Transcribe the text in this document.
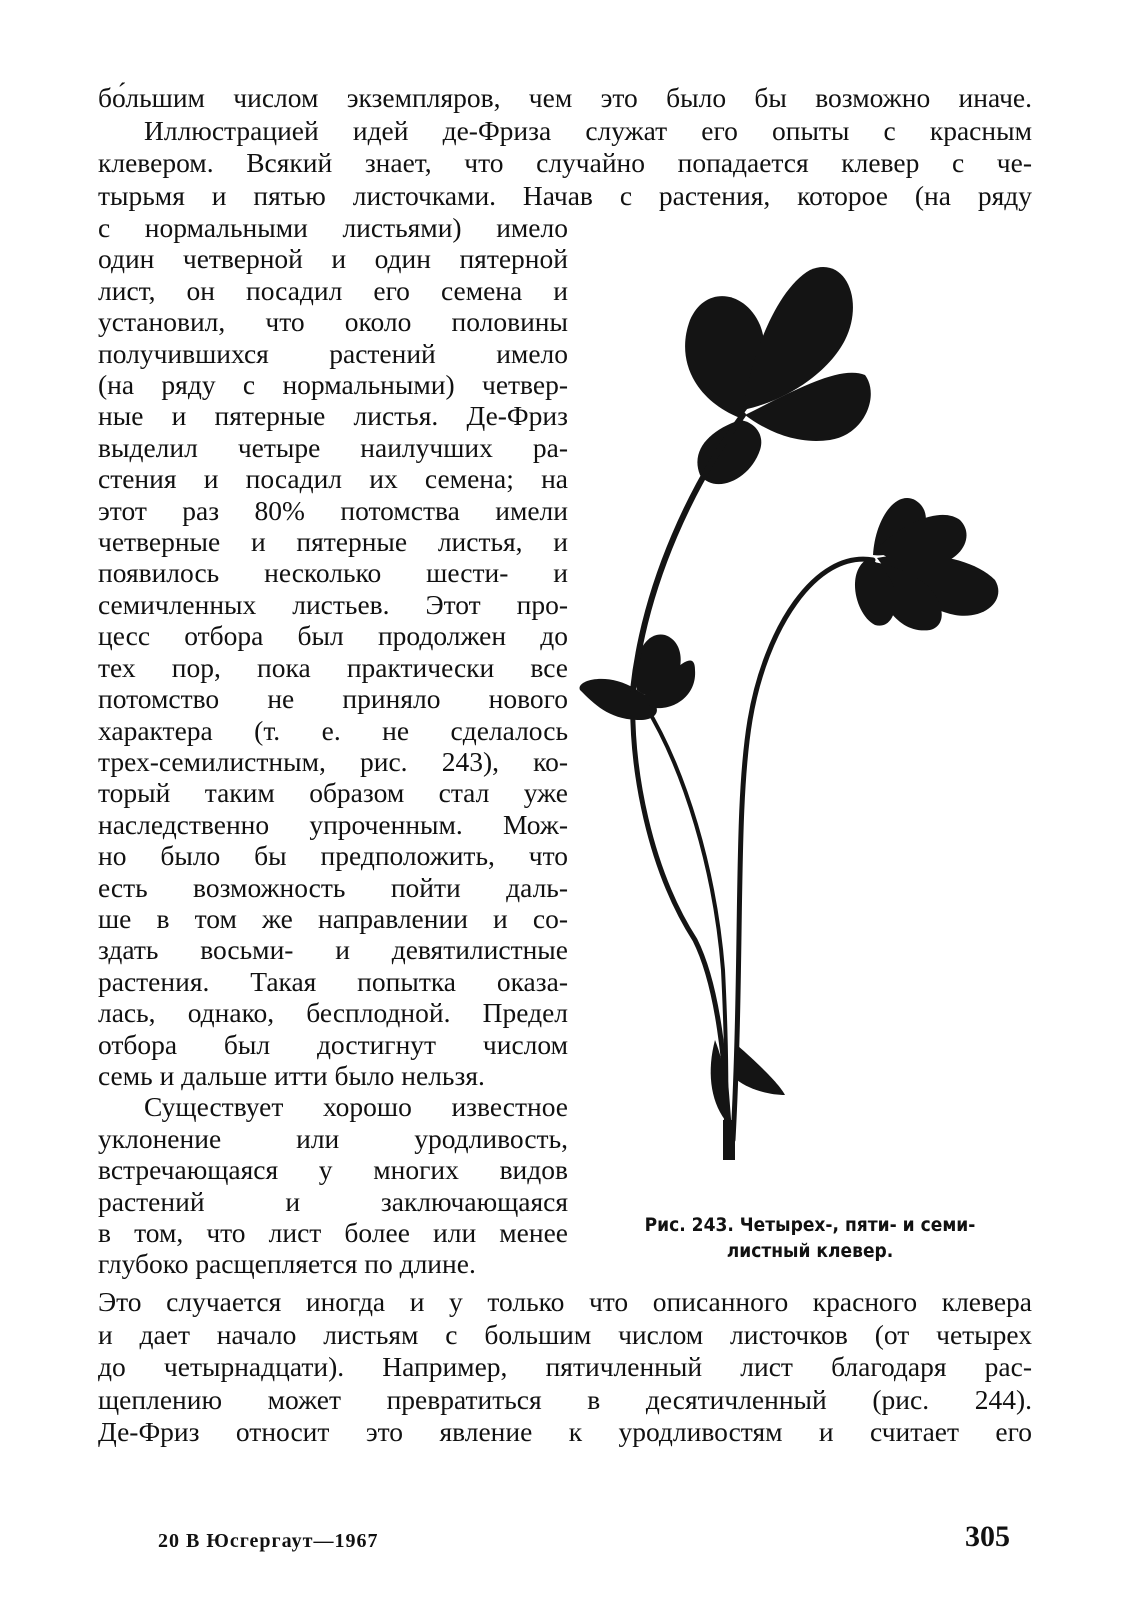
бо́льшим числом экземпляров, чем это было бы возможно иначе.
Иллюстрацией идей де-Фриза служат его опыты с красным
клевером. Всякий знает, что случайно попадается клевер с че-
тырьмя и пятью листочками. Начав с растения, которое (на ряду
с нормальными листьями) имело
один четверной и один пятерной
лист, он посадил его семена и
установил, что около половины
получившихся растений имело
(на ряду с нормальными) четвер-
ные и пятерные листья. Де-Фриз
выделил четыре наилучших ра-
стения и посадил их семена; на
этот раз 80% потомства имели
четверные и пятерные листья, и
появилось несколько шести- и
семичленных листьев. Этот про-
цесс отбора был продолжен до
тех пор, пока практически все
потомство не приняло нового
характера (т. е. не сделалось
трех-семилистным, рис. 243), ко-
торый таким образом стал уже
наследственно упроченным. Мож-
но было бы предположить, что
есть возможность пойти даль-
ше в том же направлении и со-
здать восьми- и девятилистные
растения. Такая попытка оказа-
лась, однако, бесплодной. Предел
отбора был достигнут числом
семь и дальше итти было нельзя.
Существует хорошо известное
уклонение или уродливость,
встречающаяся у многих видов
растений и заключающаяся
в том, что лист более или менее
глубоко расщепляется по длине.
Рис. 243. Четырех-, пяти- и семи-
листный клевер.
Это случается иногда и у только что описанного красного клевера
и дает начало листьям с большим числом листочков (от четырех
до четырнадцати). Например, пятичленный лист благодаря рас-
щеплению может превратиться в десятичленный (рис. 244).
Де-Фриз относит это явление к уродливостям и считает его
20 В Юсгергаут—1967	305
